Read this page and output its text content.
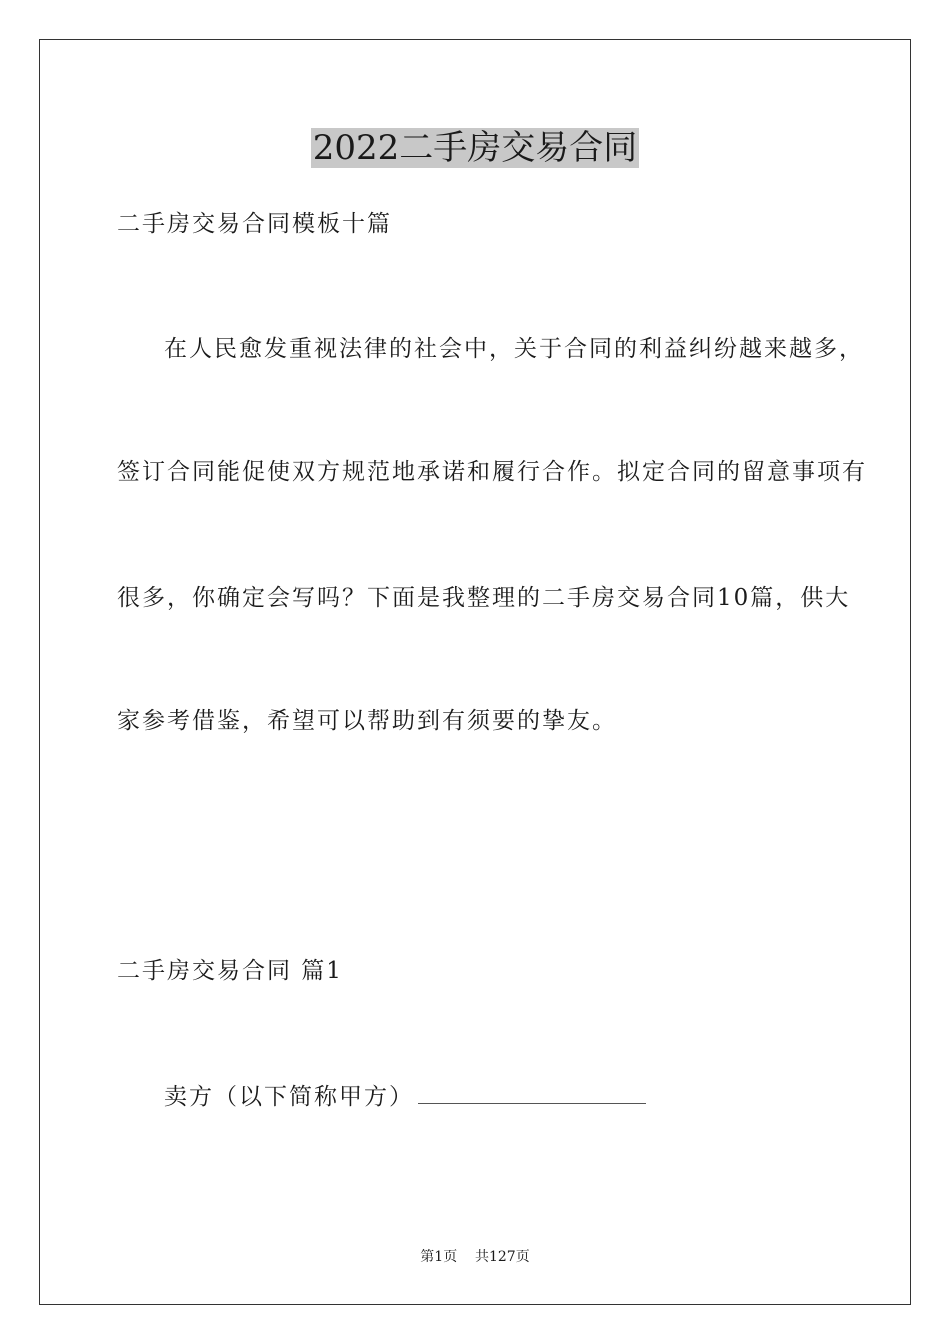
2022二手房交易合同
二手房交易合同模板十篇
在人民愈发重视法律的社会中，关于合同的利益纠纷越来越多，
签订合同能促使双方规范地承诺和履行合作。拟定合同的留意事项有
很多，你确定会写吗？下面是我整理的二手房交易合同10篇，供大
家参考借鉴，希望可以帮助到有须要的挚友。
二手房交易合同 篇1
卖方（以下简称甲方）
第1页    共127页
